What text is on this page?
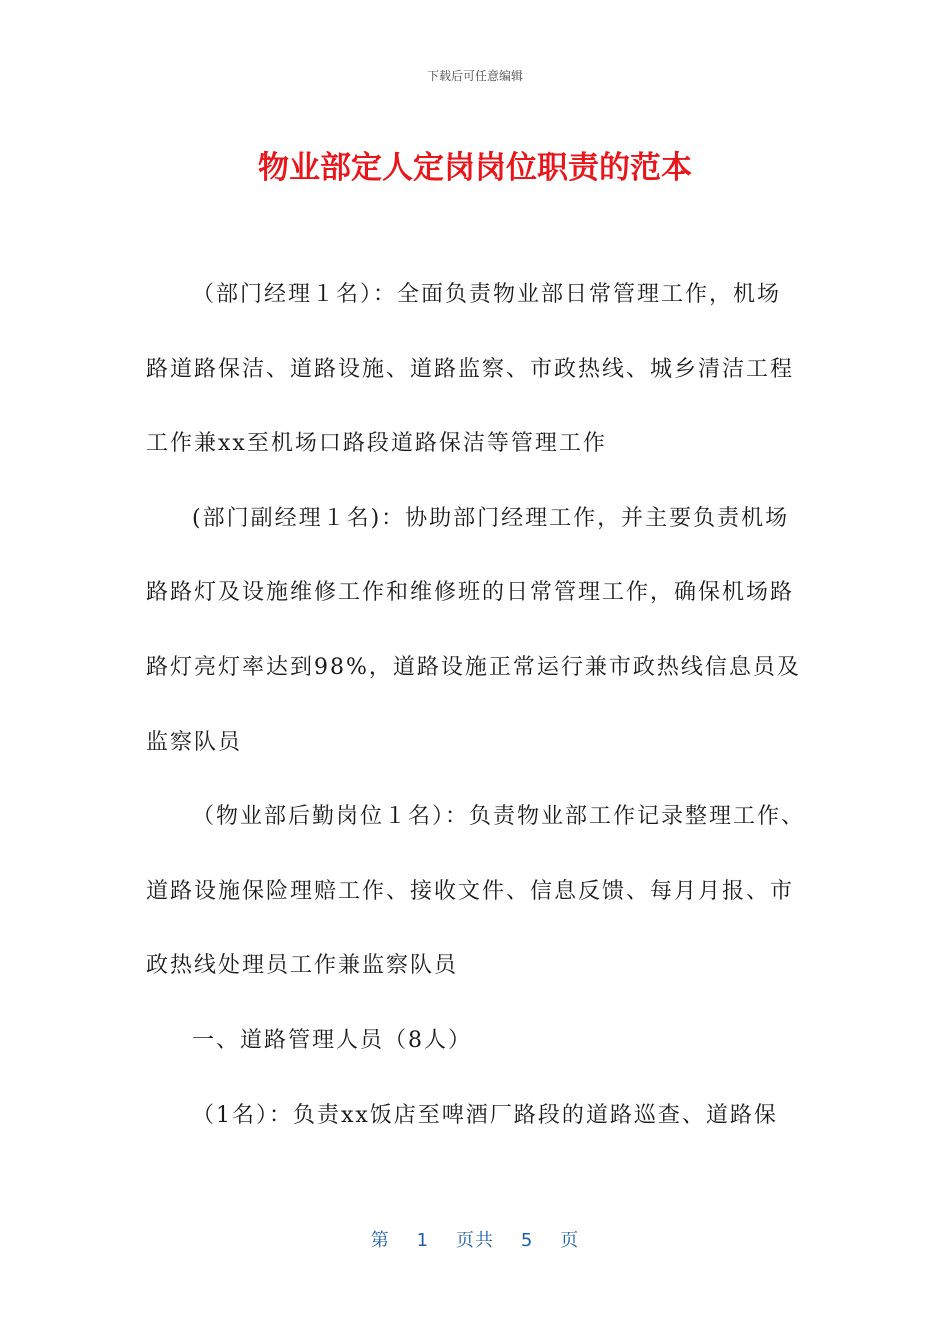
下载后可任意编辑
物业部定人定岗岗位职责的范本
（部门经理１名）：全面负责物业部日常管理工作，机场
路道路保洁、道路设施、道路监察、市政热线、城乡清洁工程
工作兼xx至机场口路段道路保洁等管理工作
(部门副经理１名)：协助部门经理工作，并主要负责机场
路路灯及设施维修工作和维修班的日常管理工作，确保机场路
路灯亮灯率达到98%，道路设施正常运行兼市政热线信息员及
监察队员
（物业部后勤岗位１名）：负责物业部工作记录整理工作、
道路设施保险理赔工作、接收文件、信息反馈、每月月报、市
政热线处理员工作兼监察队员
一、道路管理人员（8人）
（1名）：负责xx饭店至啤酒厂路段的道路巡查、道路保
第 1 页共 5 页
